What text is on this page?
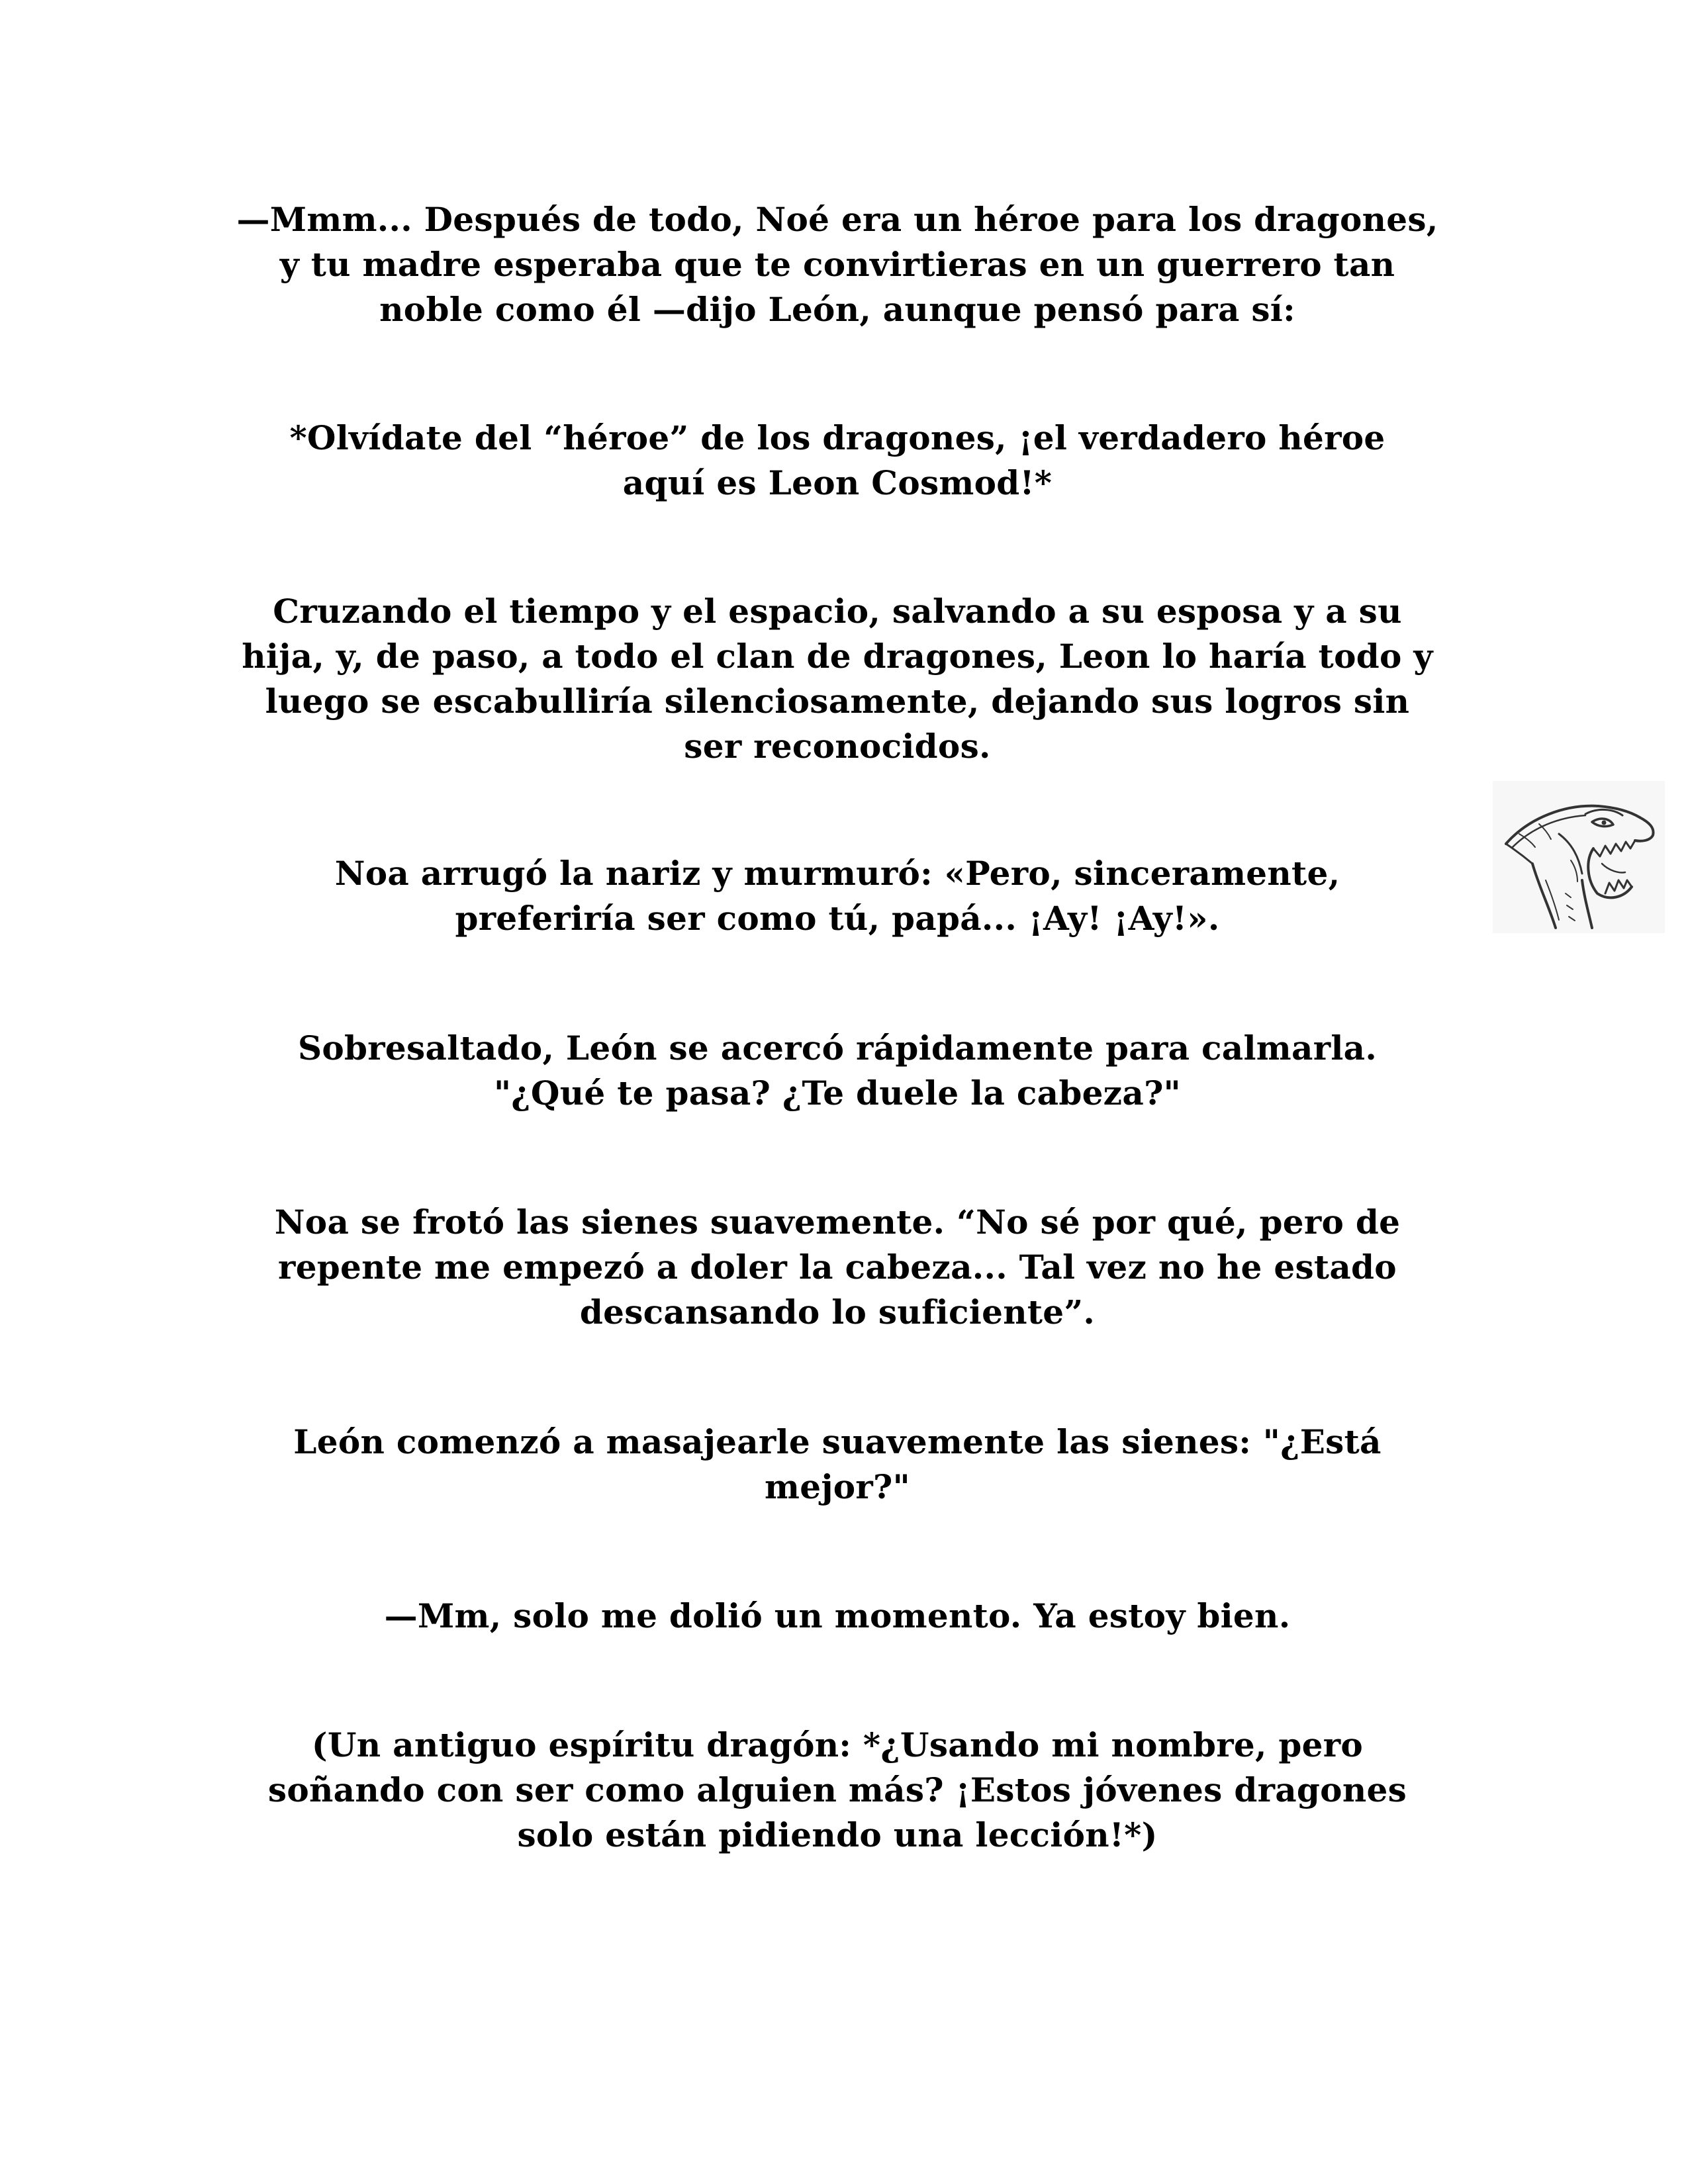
—Mmm... Después de todo, Noé era un héroe para los dragones,
y tu madre esperaba que te convirtieras en un guerrero tan
noble como él —dijo León, aunque pensó para sí:
*Olvídate del “héroe” de los dragones, ¡el verdadero héroe
aquí es Leon Cosmod!*
Cruzando el tiempo y el espacio, salvando a su esposa y a su
hija, y, de paso, a todo el clan de dragones, Leon lo haría todo y
luego se escabulliría silenciosamente, dejando sus logros sin
ser reconocidos.
Noa arrugó la nariz y murmuró: «Pero, sinceramente,
preferiría ser como tú, papá... ¡Ay! ¡Ay!».
Sobresaltado, León se acercó rápidamente para calmarla.
"¿Qué te pasa? ¿Te duele la cabeza?"
Noa se frotó las sienes suavemente. “No sé por qué, pero de
repente me empezó a doler la cabeza... Tal vez no he estado
descansando lo suficiente”.
León comenzó a masajearle suavemente las sienes: "¿Está
mejor?"
—Mm, solo me dolió un momento. Ya estoy bien.
(Un antiguo espíritu dragón: *¿Usando mi nombre, pero
soñando con ser como alguien más? ¡Estos jóvenes dragones
solo están pidiendo una lección!*)
